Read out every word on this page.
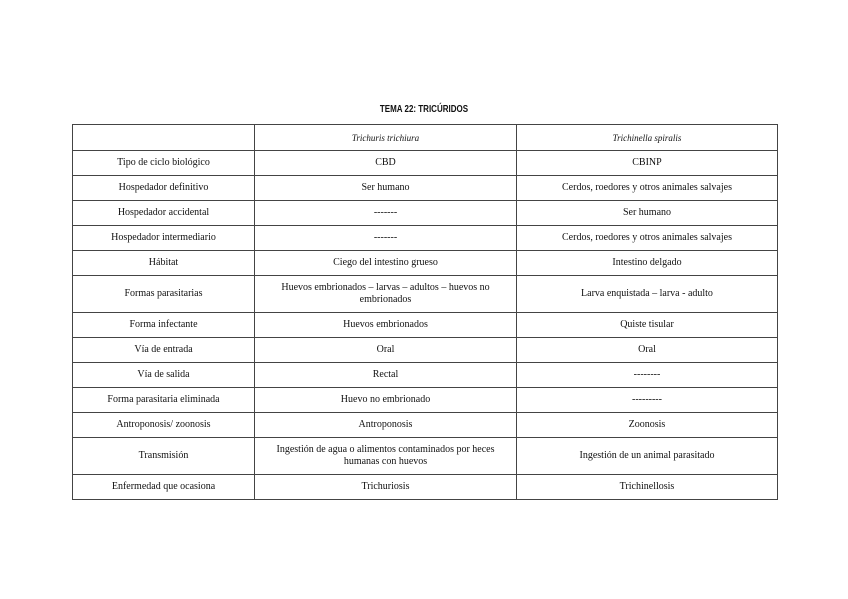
TEMA 22: TRICÚRIDOS
	Trichuris trichiura	Trichinella spiralis
Tipo de ciclo biológico	CBD	CBINP
Hospedador definitivo	Ser humano	Cerdos, roedores y otros animales salvajes
Hospedador accidental	-------	Ser humano
Hospedador intermediario	-------	Cerdos, roedores y otros animales salvajes
Hábitat	Ciego del intestino grueso	Intestino delgado
Formas parasitarias	Huevos embrionados – larvas – adultos – huevos no embrionados	Larva enquistada – larva - adulto
Forma infectante	Huevos embrionados	Quiste tisular
Vía de entrada	Oral	Oral
Vía de salida	Rectal	--------
Forma parasitaria eliminada	Huevo no embrionado	---------
Antroponosis/ zoonosis	Antroponosis	Zoonosis
Transmisión	Ingestión de agua o alimentos contaminados por heces humanas con huevos	Ingestión de un animal parasitado
Enfermedad que ocasiona	Trichuriosis	Trichinellosis
